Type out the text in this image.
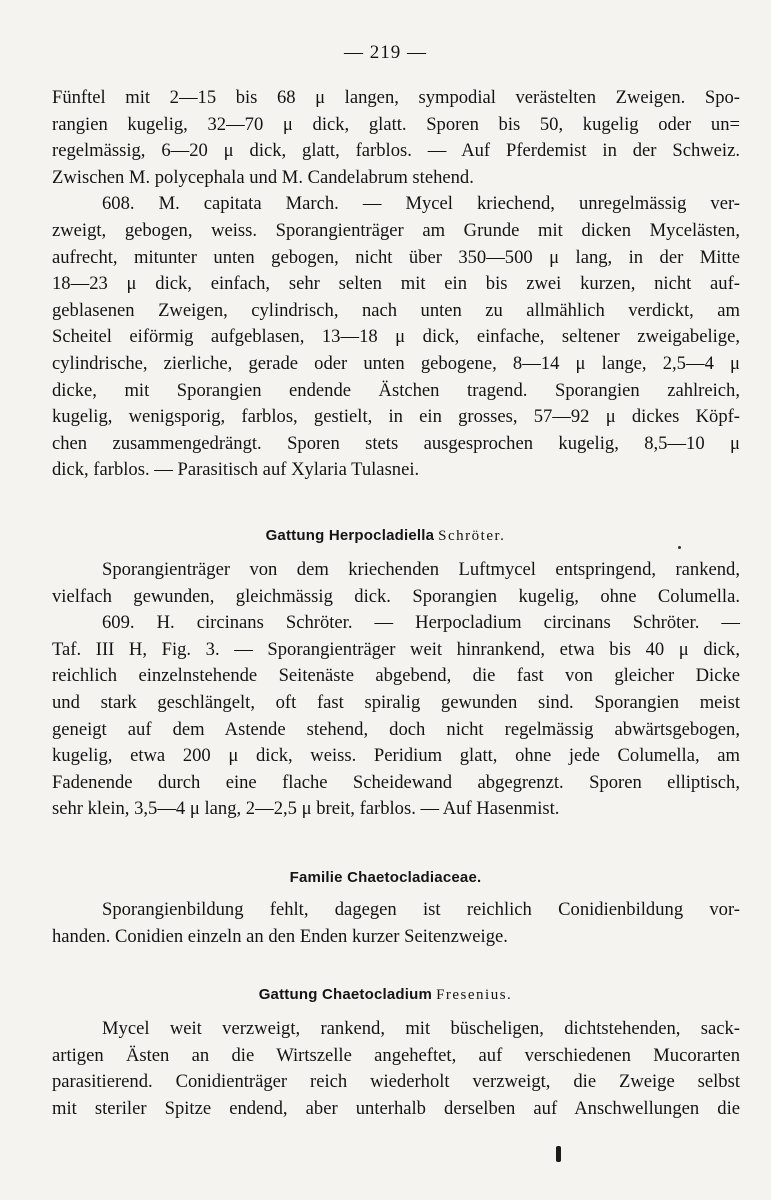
— 219 —
Fünftel mit 2—15 bis 68 μ langen, sympodial verästelten Zweigen. Spo-
rangien kugelig, 32—70 μ dick, glatt. Sporen bis 50, kugelig oder un=
regelmässig, 6—20 μ dick, glatt, farblos. — Auf Pferdemist in der Schweiz.
Zwischen M. polycephala und M. Candelabrum stehend.
608. M. capitata March. — Mycel kriechend, unregelmässig ver-
zweigt, gebogen, weiss. Sporangienträger am Grunde mit dicken Mycelästen,
aufrecht, mitunter unten gebogen, nicht über 350—500 μ lang, in der Mitte
18—23 μ dick, einfach, sehr selten mit ein bis zwei kurzen, nicht auf-
geblasenen Zweigen, cylindrisch, nach unten zu allmählich verdickt, am
Scheitel eiförmig aufgeblasen, 13—18 μ dick, einfache, seltener zweigabelige,
cylindrische, zierliche, gerade oder unten gebogene, 8—14 μ lange, 2,5—4 μ
dicke, mit Sporangien endende Ästchen tragend. Sporangien zahlreich,
kugelig, wenigsporig, farblos, gestielt, in ein grosses, 57—92 μ dickes Köpf-
chen zusammengedrängt. Sporen stets ausgesprochen kugelig, 8,5—10 μ
dick, farblos. — Parasitisch auf Xylaria Tulasnei.
Gattung Herpocladiella Schröter.
Sporangienträger von dem kriechenden Luftmycel entspringend, rankend,
vielfach gewunden, gleichmässig dick. Sporangien kugelig, ohne Columella.
609. H. circinans Schröter. — Herpocladium circinans Schröter. —
Taf. III H, Fig. 3. — Sporangienträger weit hinrankend, etwa bis 40 μ dick,
reichlich einzelnstehende Seitenäste abgebend, die fast von gleicher Dicke
und stark geschlängelt, oft fast spiralig gewunden sind. Sporangien meist
geneigt auf dem Astende stehend, doch nicht regelmässig abwärtsgebogen,
kugelig, etwa 200 μ dick, weiss. Peridium glatt, ohne jede Columella, am
Fadenende durch eine flache Scheidewand abgegrenzt. Sporen elliptisch,
sehr klein, 3,5—4 μ lang, 2—2,5 μ breit, farblos. — Auf Hasenmist.
Familie Chaetocladiaceae.
Sporangienbildung fehlt, dagegen ist reichlich Conidienbildung vor-
handen. Conidien einzeln an den Enden kurzer Seitenzweige.
Gattung Chaetocladium Fresenius.
Mycel weit verzweigt, rankend, mit büscheligen, dichtstehenden, sack-
artigen Ästen an die Wirtszelle angeheftet, auf verschiedenen Mucorarten
parasitierend. Conidienträger reich wiederholt verzweigt, die Zweige selbst
mit steriler Spitze endend, aber unterhalb derselben auf Anschwellungen die
